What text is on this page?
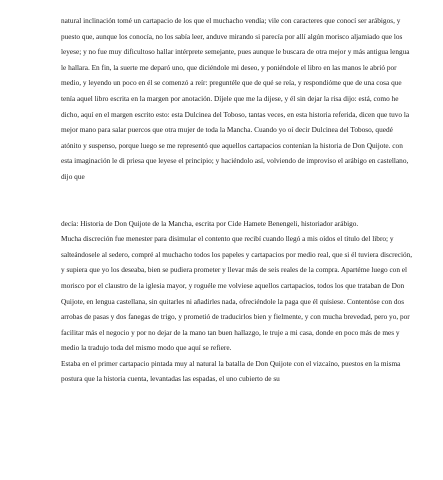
natural inclinación tomé un cartapacio de los que el muchacho vendía; vile con caracteres que conocí ser arábigos, y puesto que, aunque los conocía, no los sabía leer, anduve mirando si parecía por allí algún morisco aljamiado que los leyese; y no fue muy dificultoso hallar intérprete semejante, pues aunque le buscara de otra mejor y más antigua lengua le hallara. En fin, la suerte me deparó uno, que diciéndole mi deseo, y poniéndole el libro en las manos le abrió por medio, y leyendo un poco en él se comenzó a reír: preguntéle que de qué se reía, y respondióme que de una cosa que tenía aquel libro escrita en la margen por anotación. Díjele que me la dijese, y él sin dejar la risa dijo: está, como he dicho, aquí en el margen escrito esto: esta Dulcinea del Toboso, tantas veces, en esta historia referida, dicen que tuvo la mejor mano para salar puercos que otra mujer de toda la Mancha. Cuando yo oí decir Dulcinea del Toboso, quedé atónito y suspenso, porque luego se me representó que aquellos cartapacios contenían la historia de Don Quijote. con esta imaginación le di priesa que leyese el principio; y haciéndolo así, volviendo de improviso el arábigo en castellano, dijo que

decía: Historia de Don Quijote de la Mancha, escrita por Cide Hamete Benengeli, historiador arábigo.

Mucha discreción fue menester para disimular el contento que recibí cuando llegó a mis oídos el título del libro; y salteándosele al sedero, compré al muchacho todos los papeles y cartapacios por medio real, que si él tuviera discreción, y supiera que yo los deseaba, bien se pudiera prometer y llevar más de seis reales de la compra. Apartéme luego con el morisco por el claustro de la iglesia mayor, y roguéle me volviese aquellos cartapacios, todos los que trataban de Don Quijote, en lengua castellana, sin quitarles ni añadirles nada, ofreciéndole la paga que él quisiese. Contentóse con dos arrobas de pasas y dos fanegas de trigo, y prometió de traducirlos bien y fielmente, y con mucha brevedad, pero yo, por facilitar más el negocio y por no dejar de la mano tan buen hallazgo, le truje a mi casa, donde en poco más de mes y medio la tradujo toda del mismo modo que aquí se refiere.

Estaba en el primer cartapacio pintada muy al natural la batalla de Don Quijote con el vizcaíno, puestos en la misma postura que la historia cuenta, levantadas las espadas, el uno cubierto de su
